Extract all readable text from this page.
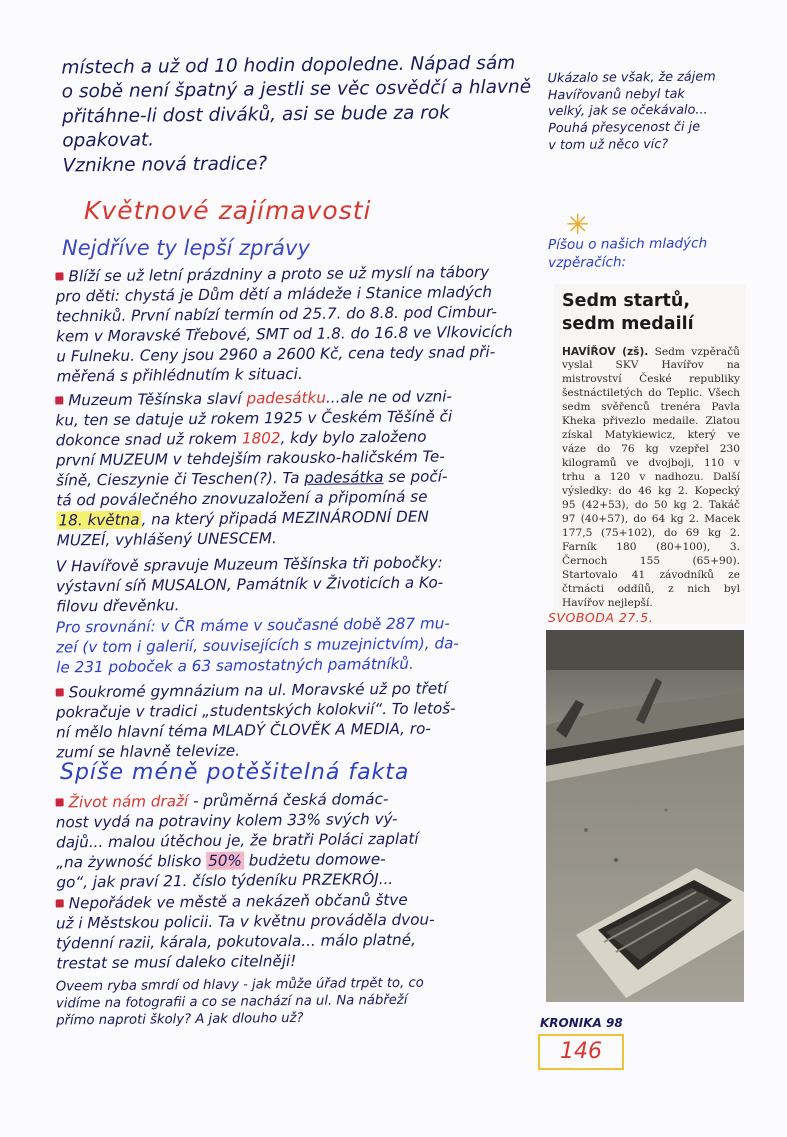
místech a už od 10 hodin dopoledne. Nápad sám
o sobě není špatný a jestli se věc osvědčí a hlavně
přitáhne-li dost diváků, asi se bude za rok opakovat.
Vznikne nová tradice?

Ukázalo se však, že zájem
Havířovanů nebyl tak
velký, jak se očekávalo...
Pouhá přesycenost či je
v tom už něco víc?

Květnové zajímavosti
Nejdříve ty lepší zprávy

Blíží se už letní prázdniny a proto se už myslí na tábory
pro děti: chystá je Dům dětí a mládeže i Stanice mladých
techniků. První nabízí termín od 25.7. do 8.8. pod Cimbur-
kem v Moravské Třebové, SMT od 1.8. do 16.8 ve Vlkovicích
u Fulneku. Ceny jsou 2960 a 2600 Kč, cena tedy snad při-
měřená s přihlédnutím k situaci.

Muzeum Těšínska slaví padesátku...ale ne od vzni-
ku, ten se datuje už rokem 1925 v Českém Těšíně či
dokonce snad už rokem 1802, kdy bylo založeno
první MUZEUM v tehdejším rakousko-haličském Te-
šíně, Cieszynie či Teschen(?). Ta padesátka se počí-
tá od poválečného znovuzaložení a připomíná se
18. května , na který připadá MEZINÁRODNÍ DEN
MUZEÍ, vyhlášený UNESCEM.

V Havířově spravuje Muzeum Těšínska tři pobočky:
výstavní síň MUSALON, Památník v Životicích a Ko-
filovu dřevěnku.

Pro srovnání: v ČR máme v současné době 287 mu-
zeí (v tom i galerií, souvisejících s muzejnictvím), da-
le 231 poboček a 63 samostatných památníků.

Soukromé gymnázium na ul. Moravské už po třetí
pokračuje v tradici „studentských kolokvií“. To letoš-
ní mělo hlavní téma MLADÝ ČLOVĚK A MEDIA, ro-
zumí se hlavně televize.

Spíše méně potěšitelná fakta

Život nám draží - průměrná česká domác-
nost vydá na potraviny kolem 33% svých vý-
dajů... malou útěchou je, že bratři Poláci zaplatí
„na żywność blisko 50% budżetu domowe-
go“, jak praví 21. číslo týdeníku PRZEKRÓJ...

Nepořádek ve městě a nekázeň občanů štve
už i Městskou policii. Ta v květnu prováděla dvou-
týdenní razii, kárala, pokutovala... málo platné,
trestat se musí daleko citelněji!

Oveem ryba smrdí od hlavy - jak může úřad trpět to, co
vidíme na fotografii a co se nachází na ul. Na nábřeží
přímo naproti školy? A jak dlouho už?

✳

Píšou o našich mladých
vzpěračích:

Sedm startů,
sedm medailí
HAVÍŘOV (zš). Sedm vzpěračů vyslal SKV Havířov na mistrovství České republiky šestnáctiletých do Teplic. Všech sedm svěřenců trenéra Pavla Kheka přivezlo medaile. Zlatou získal Matykiewicz, který ve váze do 76 kg vzepřel 230 kilogramů ve dvojboji, 110 v trhu a 120 v nadhozu. Další výsledky: do 46 kg 2. Kopecký 95 (42+53), do 50 kg 2. Takáč 97 (40+57), do 64 kg 2. Macek 177,5 (75+102), do 69 kg 2. Farník 180 (80+100), 3. Černoch 155 (65+90). Startovalo 41 závodníků ze čtrnácti oddílů, z nich byl Havířov nejlepší.
SVOBODA 27.5.
KRONIKA 98
146
